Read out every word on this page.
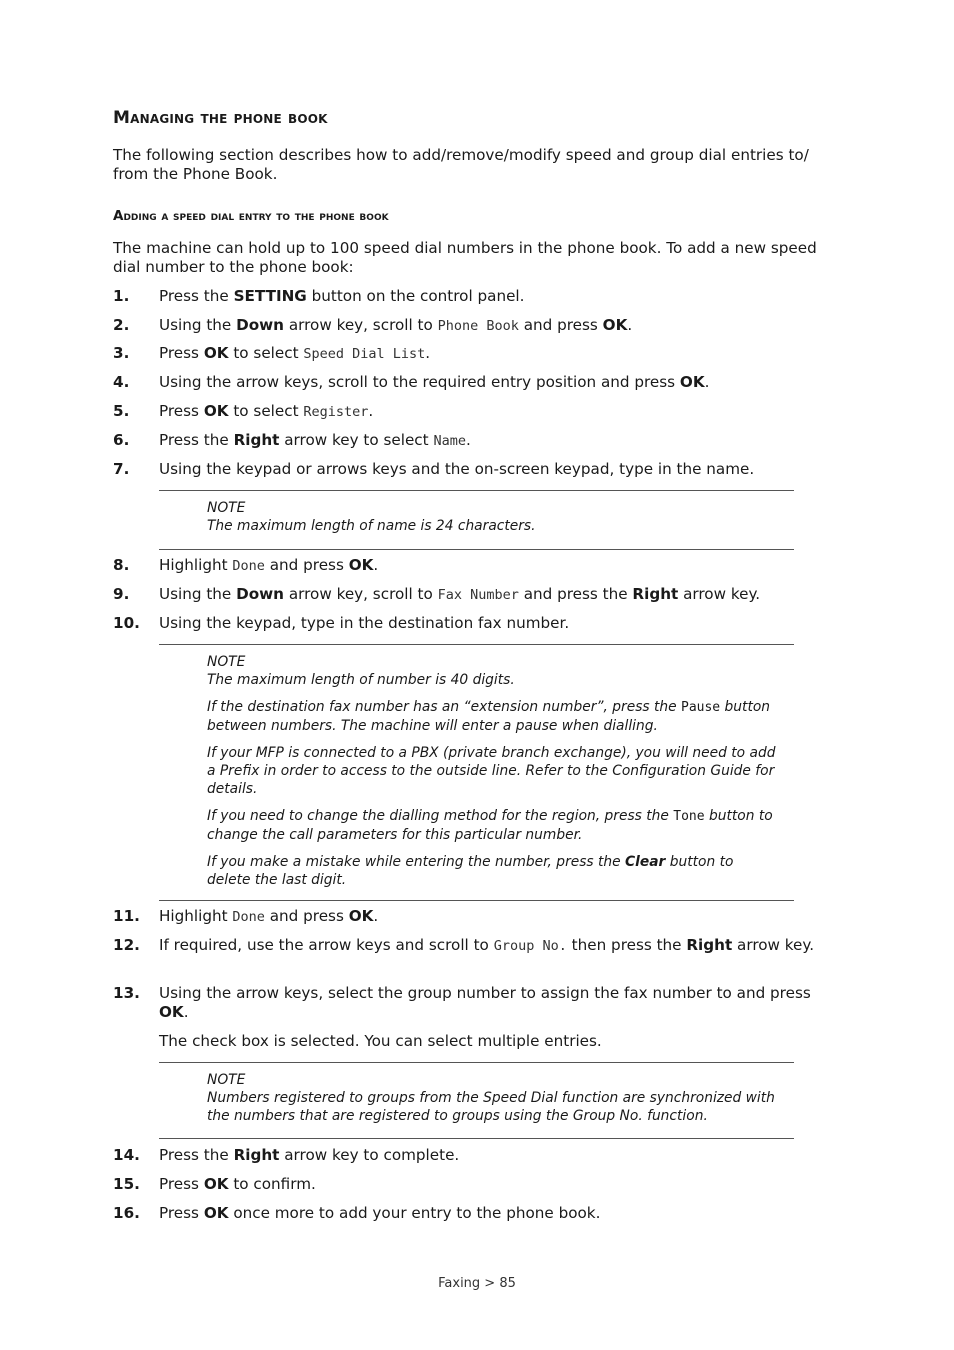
Managing the phone book

The following section describes how to add/remove/modify speed and group dial entries to/ from the Phone Book.

Adding a speed dial entry to the phone book

The machine can hold up to 100 speed dial numbers in the phone book. To add a new speed dial number to the phone book:

1. Press the SETTING button on the control panel.
2. Using the Down arrow key, scroll to Phone Book and press OK.
3. Press OK to select Speed Dial List.
4. Using the arrow keys, scroll to the required entry position and press OK.
5. Press OK to select Register.
6. Press the Right arrow key to select Name.
7. Using the keypad or arrows keys and the on-screen keypad, type in the name.
NOTE
The maximum length of name is 24 characters.
8. Highlight Done and press OK.
9. Using the Down arrow key, scroll to Fax Number and press the Right arrow key.
10. Using the keypad, type in the destination fax number.
NOTE

The maximum length of number is 40 digits.

If the destination fax number has an “extension number”, press the Pause button between numbers. The machine will enter a pause when dialling.

If your MFP is connected to a PBX (private branch exchange), you will need to add a Prefix in order to access to the outside line. Refer to the Configuration Guide for details.

If you need to change the dialling method for the region, press the Tone button to change the call parameters for this particular number.

If you make a mistake while entering the number, press the Clear button to delete the last digit.

11. Highlight Done and press OK.
12. If required, use the arrow keys and scroll to Group No. then press the Right arrow key.
13. Using the arrow keys, select the group number to assign the fax number to and press OK.
The check box is selected. You can select multiple entries.
NOTE
Numbers registered to groups from the Speed Dial function are synchronized with the numbers that are registered to groups using the Group No. function.
14. Press the Right arrow key to complete.
15. Press OK to confirm.
16. Press OK once more to add your entry to the phone book.
Faxing > 85
